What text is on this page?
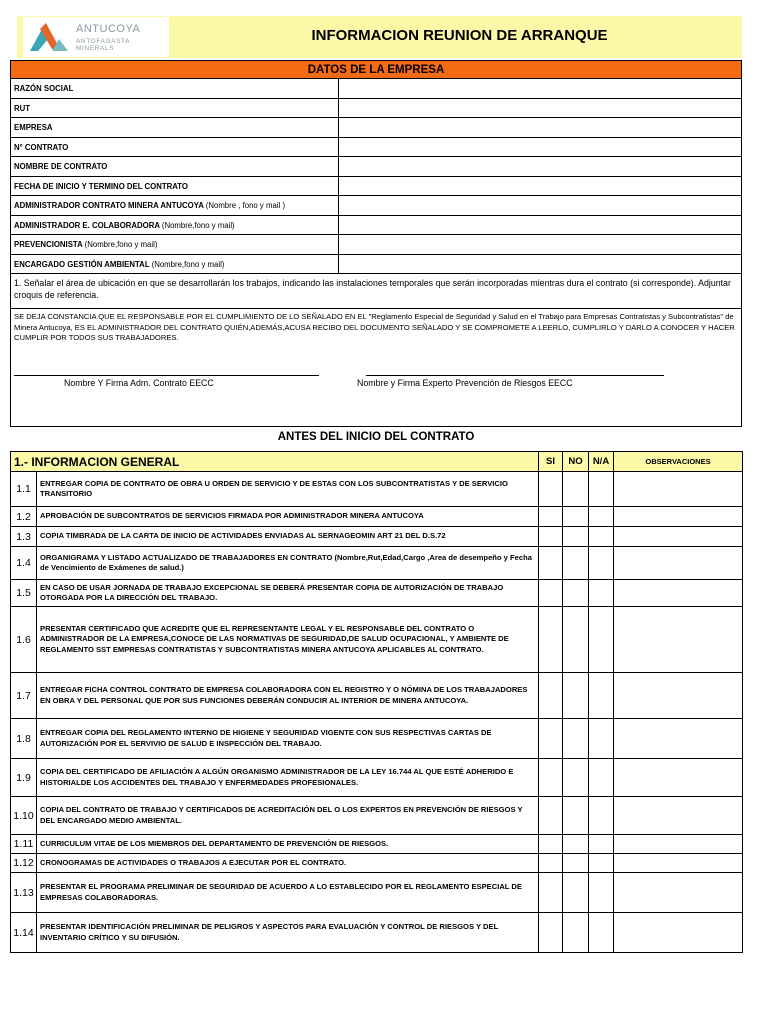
ANTUCOYA
ANTOFAGASTA MINERALS
INFORMACION REUNION DE ARRANQUE
DATOS DE LA EMPRESA
RAZÓN SOCIAL
RUT
EMPRESA
N° CONTRATO
NOMBRE DE CONTRATO
FECHA DE INICIO Y TERMINO DEL CONTRATO
ADMINISTRADOR CONTRATO MINERA ANTUCOYA (Nombre , fono y mail )
ADMINISTRADOR E. COLABORADORA (Nombre,fono y mail)
PREVENCIONISTA (Nombre,fono y mail)
ENCARGADO GESTIÓN AMBIENTAL (Nombre,fono y mail)
1. Señalar el área de ubicación en que se desarrollarán los trabajos, indicando las instalaciones temporales que serán incorporadas mientras dura el contrato (si corresponde). Adjuntar croquis de referencia.
SE DEJA CONSTANCIA QUE EL RESPONSABLE POR EL CUMPLIMIENTO DE LO SEÑALADO EN EL "Reglamento Especial de Seguridad y Salud en el Trabajo para Empresas Contratistas y Subcontratistas" de Minera Antucoya, ES EL ADMINISTRADOR DEL CONTRATO QUIÉN,ADEMÁS,ACUSA RECIBO DEL DOCUMENTO SEÑALADO Y SE COMPROMETE A LEERLO, CUMPLIRLO Y DARLO A CONOCER Y HACER CUMPLIR POR TODOS SUS TRABAJADORES.
Nombre Y Firma Adm. Contrato EECC	Nombre y Firma Experto Prevención de Riesgos EECC
ANTES DEL INICIO DEL CONTRATO
1.- INFORMACION GENERAL		SI	NO	N/A	OBSERVACIONES
1.1	ENTREGAR COPIA DE CONTRATO DE OBRA U ORDEN DE SERVICIO Y DE ESTAS CON LOS SUBCONTRATISTAS Y DE SERVICIO TRANSITORIO				
1.2	APROBACIÓN DE SUBCONTRATOS DE SERVICIOS FIRMADA POR ADMINISTRADOR MINERA ANTUCOYA				
1.3	COPIA TIMBRADA DE LA CARTA DE INICIO DE ACTIVIDADES ENVIADAS AL SERNAGEOMIN ART 21 DEL D.S.72				
1.4	ORGANIGRAMA Y LISTADO ACTUALIZADO DE TRABAJADORES EN CONTRATO (Nombre,Rut,Edad,Cargo ,Area de desempeño y Fecha de Vencimiento de Exámenes de salud.)				
1.5	EN CASO DE USAR JORNADA DE TRABAJO EXCEPCIONAL SE DEBERÁ PRESENTAR COPIA DE AUTORIZACIÓN DE TRABAJO OTORGADA POR LA DIRECCIÓN DEL TRABAJO.				
1.6	PRESENTAR CERTIFICADO QUE ACREDITE QUE EL REPRESENTANTE LEGAL Y EL RESPONSABLE DEL CONTRATO O ADMINISTRADOR DE LA EMPRESA,CONOCE DE LAS NORMATIVAS DE SEGURIDAD,DE SALUD OCUPACIONAL, Y AMBIENTE DE REGLAMENTO SST EMPRESAS CONTRATISTAS Y SUBCONTRATISTAS MINERA ANTUCOYA APLICABLES AL CONTRATO.				
1.7	ENTREGAR FICHA CONTROL CONTRATO DE EMPRESA COLABORADORA CON EL REGISTRO Y O NÓMINA DE LOS TRABAJADORES EN OBRA Y DEL PERSONAL QUE POR SUS FUNCIONES DEBERÁN CONDUCIR AL INTERIOR DE MINERA ANTUCOYA.				
1.8	ENTREGAR COPIA DEL REGLAMENTO INTERNO DE HIGIENE Y SEGURIDAD VIGENTE CON SUS RESPECTIVAS CARTAS DE AUTORIZACIÓN POR EL SERVIVIO DE SALUD E INSPECCIÓN DEL TRABAJO.				
1.9	COPIA DEL CERTIFICADO DE AFILIACIÓN A ALGÚN ORGANISMO ADMINISTRADOR DE LA LEY 16.744 AL QUE ESTÉ ADHERIDO E HISTORIALDE LOS ACCIDENTES DEL TRABAJO Y ENFERMEDADES PROFESIONALES.				
1.10	COPIA DEL CONTRATO DE TRABAJO Y CERTIFICADOS DE ACREDITACIÓN DEL O LOS EXPERTOS EN PREVENCIÓN DE RIESGOS Y DEL ENCARGADO MEDIO AMBIENTAL.				
1.11	CURRICULUM VITAE DE LOS MIEMBROS DEL DEPARTAMENTO DE PREVENCIÓN DE RIESGOS.				
1.12	CRONOGRAMAS DE ACTIVIDADES O TRABAJOS A EJECUTAR POR EL CONTRATO.				
1.13	PRESENTAR EL PROGRAMA PRELIMINAR DE SEGURIDAD DE ACUERDO A LO ESTABLECIDO POR EL REGLAMENTO ESPECIAL DE EMPRESAS COLABORADORAS.				
1.14	PRESENTAR IDENTIFICACIÓN PRELIMINAR DE PELIGROS Y ASPECTOS PARA EVALUACIÓN Y CONTROL DE RIESGOS Y DEL INVENTARIO CRÍTICO Y SU DIFUSIÓN.				
